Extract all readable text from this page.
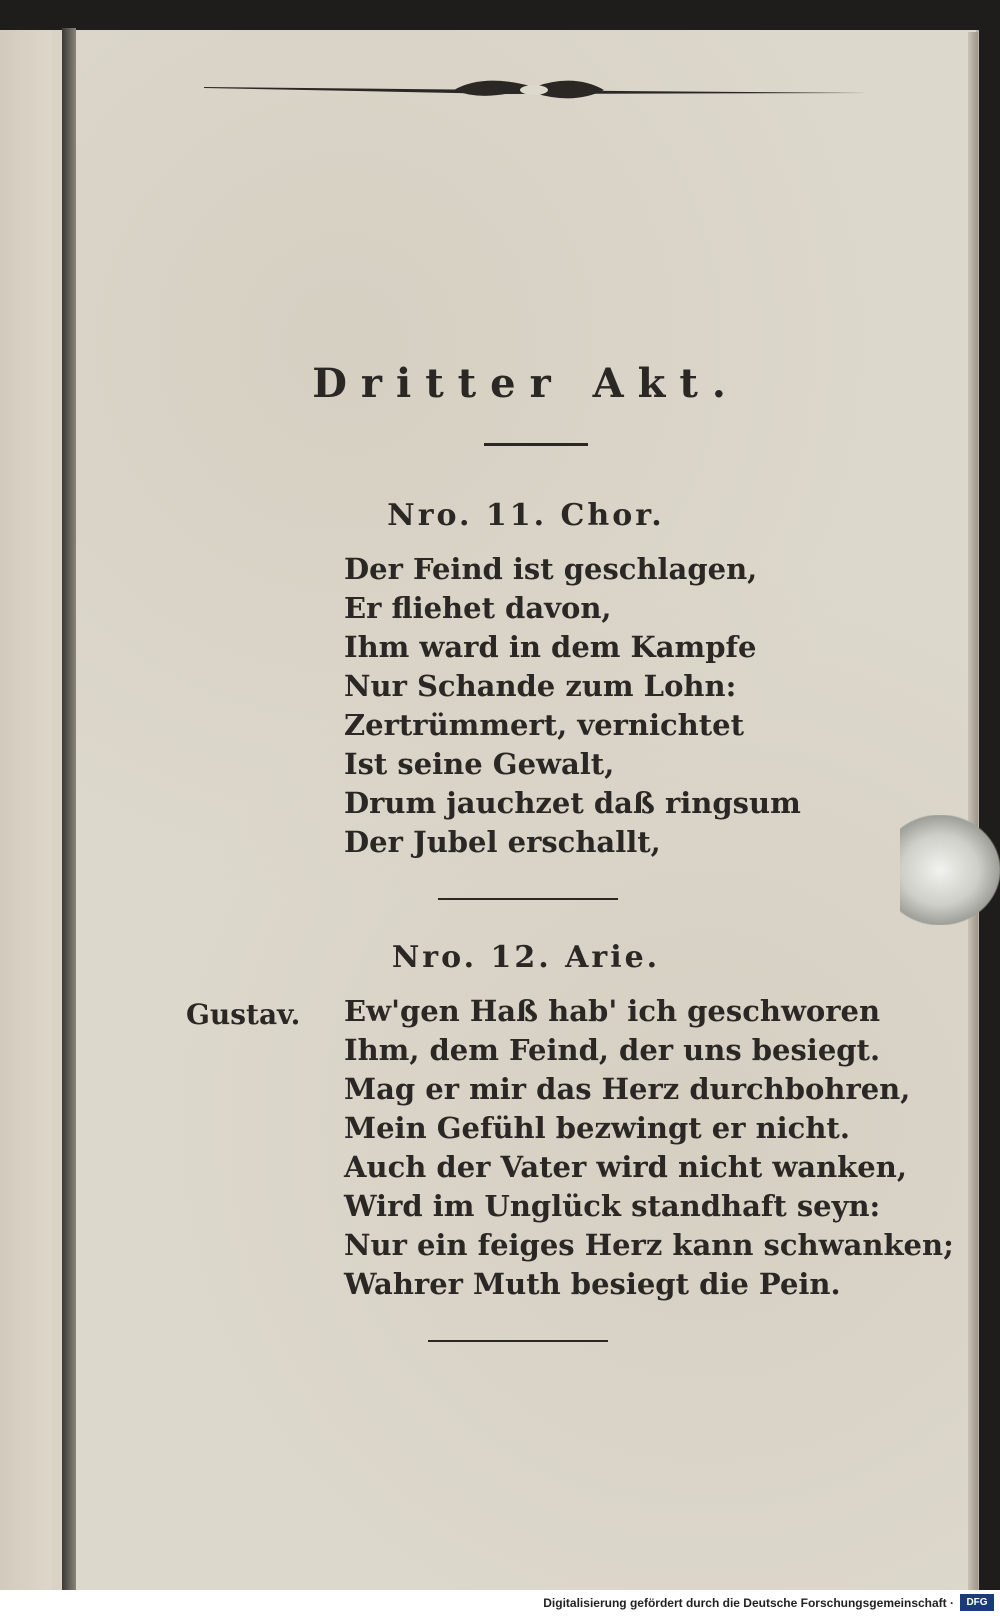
Dritter Akt.
Nro. 11. Chor.
Der Feind ist geschlagen,
Er fliehet davon,
Ihm ward in dem Kampfe
Nur Schande zum Lohn:
Zertrümmert, vernichtet
Ist seine Gewalt,
Drum jauchzet daß ringsum
Der Jubel erschallt,
Nro. 12. Arie.
Gustav. Ew'gen Haß hab' ich geschworen
Ihm, dem Feind, der uns besiegt.
Mag er mir das Herz durchbohren,
Mein Gefühl bezwingt er nicht.
Auch der Vater wird nicht wanken,
Wird im Unglück standhaft seyn:
Nur ein feiges Herz kann schwanken;
Wahrer Muth besiegt die Pein.
Digitalisierung gefördert durch die Deutsche Forschungsgemeinschaft ·	DFG
